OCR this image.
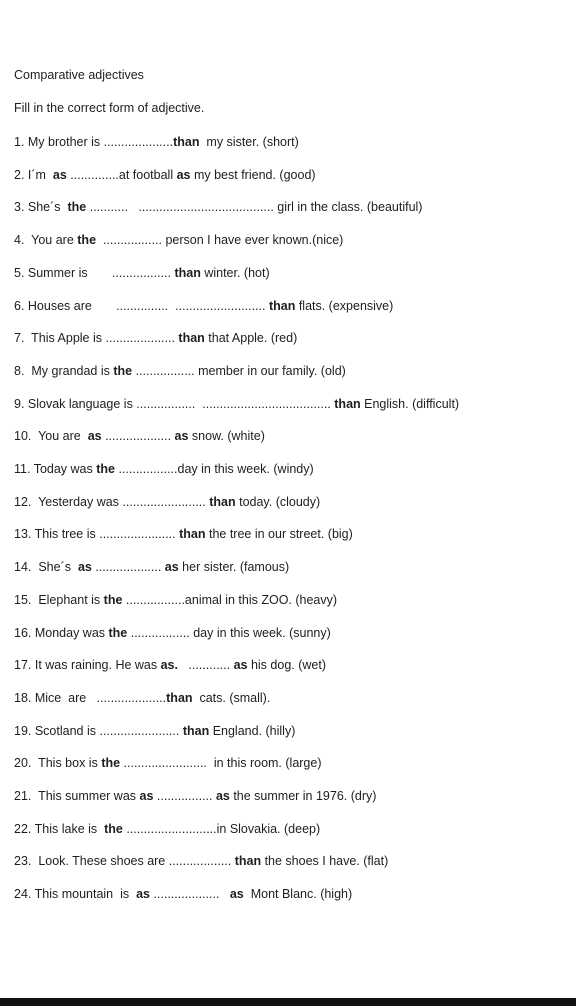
Comparative adjectives
Fill in the correct form of adjective.
1. My brother is ....................than  my sister. (short)
2. I´m  as ..............at football as my best friend. (good)
3. She´s  the ...........   ....................................... girl in the class. (beautiful)
4.  You are the  ................. person I have ever known.(nice)
5. Summer is       ................. than winter. (hot)
6. Houses are       ...............  .......................... than flats. (expensive)
7.  This Apple is .................... than that Apple. (red)
8.  My grandad is the ................. member in our family. (old)
9. Slovak language is .................  ..................................... than English. (difficult)
10.  You are  as ................... as snow. (white)
11. Today was the .................day in this week. (windy)
12.  Yesterday was ........................ than today. (cloudy)
13. This tree is ...................... than the tree in our street. (big)
14.  She´s  as ................... as her sister. (famous)
15.  Elephant is the .................animal in this ZOO. (heavy)
16. Monday was the ................. day in this week. (sunny)
17. It was raining. He was as.   ............ as his dog. (wet)
18. Mice  are   ....................than  cats. (small).
19. Scotland is ....................... than England. (hilly)
20.  This box is the ........................  in this room. (large)
21.  This summer was as ................ as the summer in 1976. (dry)
22. This lake is  the ..........................in Slovakia. (deep)
23.  Look. These shoes are .................. than the shoes I have. (flat)
24. This mountain  is  as ...................   as  Mont Blanc. (high)
